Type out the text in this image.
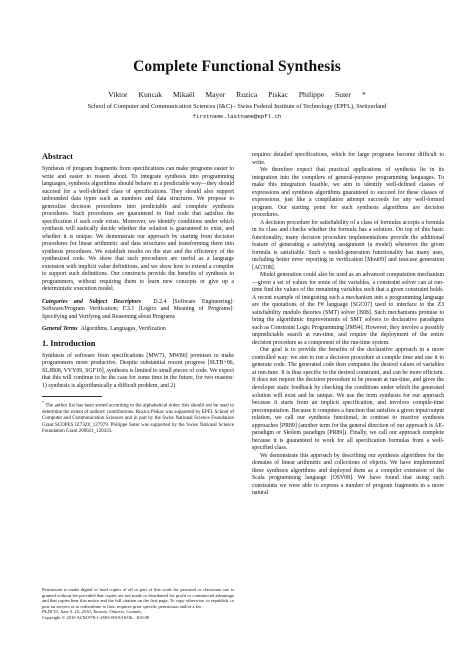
Complete Functional Synthesis
Viktor Kuncak Mikaël Mayer Ruzica Piskac Philippe Suter *
School of Computer and Communication Sciences (I&C) - Swiss Federal Institute of Technology (EPFL), Switzerland
firstname.lastname@epfl.ch
Abstract

Synthesis of program fragments from specifications can make programs easier to write and easier to reason about. To integrate synthesis into programming languages, synthesis algorithms should behave in a predictable way—they should succeed for a well-defined class of specifications. They should also support unbounded data types such as numbers and data structures. We propose to generalize decision procedures into predictable and complete synthesis procedures. Such procedures are guaranteed to find code that satisfies the specification if such code exists. Moreover, we identify conditions under which synthesis will statically decide whether the solution is guaranteed to exist, and whether it is unique. We demonstrate our approach by starting from decision procedures for linear arithmetic and data structures and transforming them into synthesis procedures. We establish results on the size and the efficiency of the synthesized code. We show that such procedures are useful as a language extension with implicit value definitions, and we show how to extend a compiler to support such definitions. Our constructs provide the benefits of synthesis to programmers, without requiring them to learn new concepts or give up a deterministic execution model.

Categories and Subject Descriptors D.2.4 [Software Engineering]: Software/Program Verification; F.3.1 [Logics and Meaning of Programs]: Specifying and Verifying and Reasoning about Programs

General Terms Algorithms, Languages, Verification

1. Introduction

Synthesis of software from specifications [MW71, MW80] promises to make programmers more productive. Despite substantial recent progress [SLTB+06, SLJB08, VYY09, SGF10], synthesis is limited to small pieces of code. We expect that this will continue to be the case for some time in the future, for two reasons: 1) synthesis is algorithmically a difficult problem, and 2)

* The author list has been sorted according to the alphabetical order; this should not be used to determine the extent of authors' contributions. Ruzica Piskac was supported by EPFL School of Computer and Communication Sciences and in part by the Swiss National Science Foundation Grant SCOPES IZ73Z0_127979. Philippe Suter was supported by the Swiss National Science Foundation Grant 200021_120433.
Permission to make digital or hard copies of all or part of this work for personal or classroom use is granted without fee provided that copies are not made or distributed for profit or commercial advantage and that copies bear this notice and the full citation on the first page. To copy otherwise, to republish, to post on servers or to redistribute to lists, requires prior specific permission and/or a fee.
PLDI'10, June 5–10, 2010, Toronto, Ontario, Canada.
Copyright © 2010 ACM 978-1-4503-0019/10/06... $10.00

requires detailed specifications, which for large programs become difficult to write.

We therefore expect that practical applications of synthesis lie in its integration into the compilers of general-purpose programming languages. To make this integration feasible, we aim to identify well-defined classes of expressions and synthesis algorithms guaranteed to succeed for these classes of expressions, just like a compilation attempt succeeds for any well-formed program. Our starting point for such synthesis algorithms are decision procedures.

A decision procedure for satisfiability of a class of formulas accepts a formula in its class and checks whether the formula has a solution. On top of this basic functionality, many decision procedure implementations provide the additional feature of generating a satisfying assignment (a model) whenever the given formula is satisfiable. Such a model-generation functionality has many uses, including better error reporting in verification [Mou09] and testcase generation [AGT08].

Model generation could also be used as an advanced computation mechanism—given a set of values for some of the variables, a constraint solver can at run-time find the values of the remaining variables such that a given constraint holds. A recent example of integrating such a mechanism into a programming language are the quotations of the F# language [SGC07] used to interface to the Z3 satisfiability modulo theories (SMT) solver [B08]. Such mechanisms promise to bring the algorithmic improvements of SMT solvers to declarative paradigms such as Constraint Logic Programming [JM94]. However, they involve a possibly unpredictable search at run-time, and require the deployment of the entire decision procedure as a component of the run-time system.

Our goal is to provide the benefits of the declarative approach in a more controlled way: we aim to run a decision procedure at compile time and use it to generate code. The generated code then computes the desired values of variables at run-time. It is thus specific to the desired constraint, and can be more efficient. It does not require the decision procedure to be present at run-time, and gives the developer static feedback by checking the conditions under which the generated solution will exist and be unique. We use the term synthesis for our approach because it starts from an implicit specification, and involves compile-time precomputation. Because it computes a function that satisfies a given input/output relation, we call our synthesis functional, in contrast to reactive synthesis approaches [PR89] (another term for the general direction of our approach is AE-paradigm or Skolem paradigm [PR89]). Finally, we call our approach complete because it is guaranteed to work for all specification formulas from a well-specified class.

We demonstrate this approach by describing our synthesis algorithms for the domains of linear arithmetic and collections of objects. We have implemented these synthesis algorithms and deployed them as a compiler extension of the Scala programming language [OSV08]. We have found that using such constraints we were able to express a number of program fragments in a more natural
